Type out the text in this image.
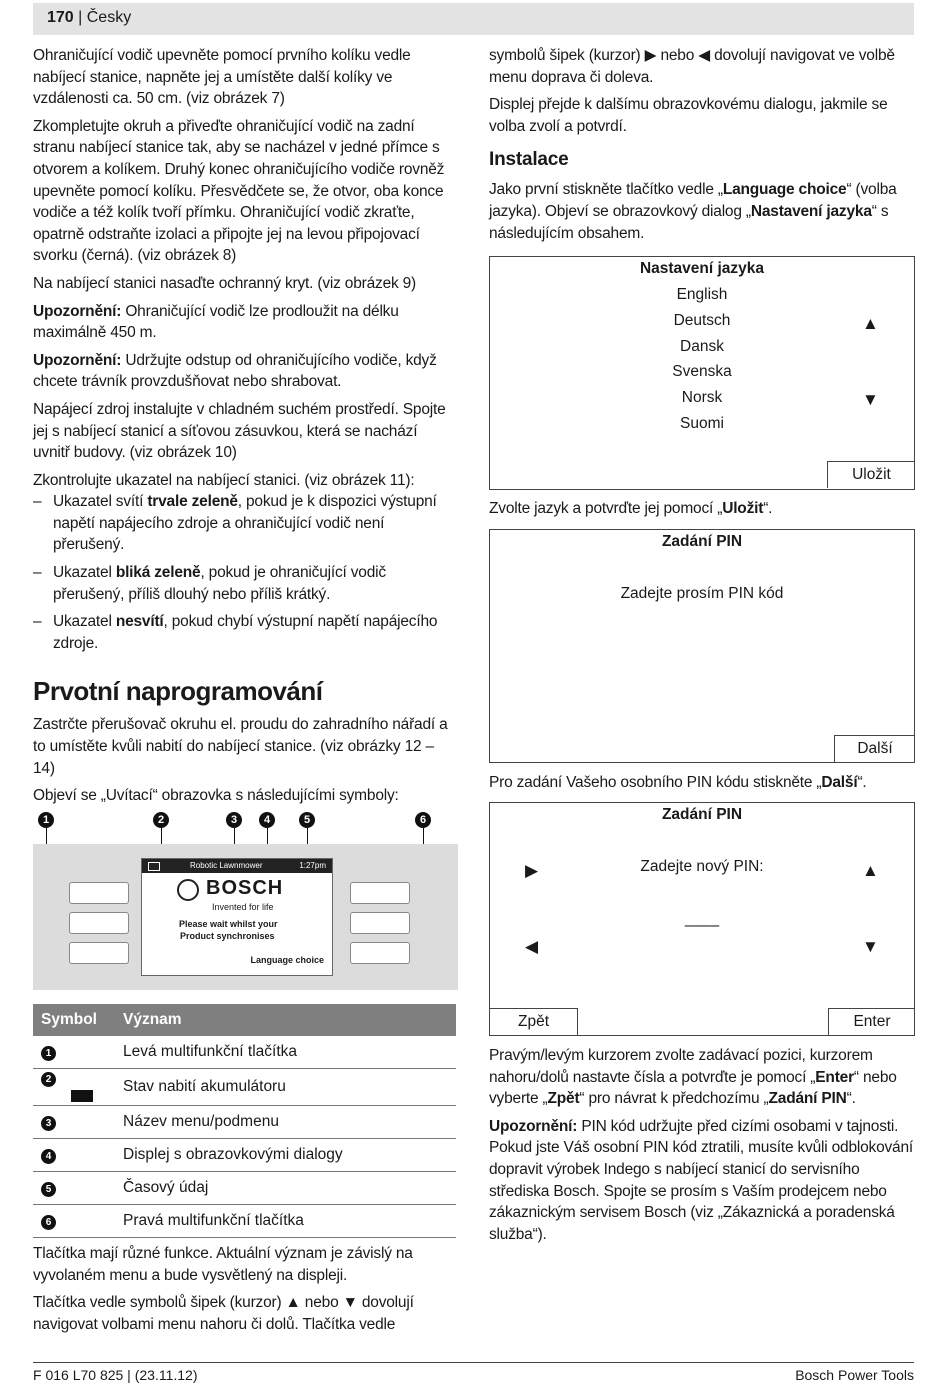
170 | Česky

Ohraničující vodič upevněte pomocí prvního kolíku vedle nabíjecí stanice, napněte jej a umístěte další kolíky ve vzdálenosti ca. 50 cm. (viz obrázek 7)

Zkompletujte okruh a přiveďte ohraničující vodič na zadní stranu nabíjecí stanice tak, aby se nacházel v jedné přímce s otvorem a kolíkem. Druhý konec ohraničujícího vodiče rovněž upevněte pomocí kolíku. Přesvědčete se, že otvor, oba konce vodiče a též kolík tvoří přímku. Ohraničující vodič zkraťte, opatrně odstraňte izolaci a připojte jej na levou připojovací svorku (černá). (viz obrázek 8)

Na nabíjecí stanici nasaďte ochranný kryt. (viz obrázek 9)

Upozornění: Ohraničující vodič lze prodloužit na délku maximálně 450 m.

Upozornění: Udržujte odstup od ohraničujícího vodiče, když chcete trávník provzdušňovat nebo shrabovat.

Napájecí zdroj instalujte v chladném suchém prostředí. Spojte jej s nabíjecí stanicí a síťovou zásuvkou, která se nachází uvnitř budovy. (viz obrázek 10)

Zkontrolujte ukazatel na nabíjecí stanici. (viz obrázek 11):

– Ukazatel svítí trvale zeleně, pokud je k dispozici výstupní napětí napájecího zdroje a ohraničující vodič není přerušený.

– Ukazatel bliká zeleně, pokud je ohraničující vodič přerušený, příliš dlouhý nebo příliš krátký.

– Ukazatel nesvítí, pokud chybí výstupní napětí napájecího zdroje.

Prvotní naprogramování

Zastrčte přerušovač okruhu el. proudu do zahradního nářadí a to umístěte kvůli nabití do nabíjecí stanice. (viz obrázky 12 – 14)

Objeví se „Uvítací“ obrazovka s následujícími symboly:

1	2	3	4	5	6
Robotic Lawnmower	1:27pm
BOSCH
Invented for life
Please wait whilst your
Product synchronises
Language choice
Symbol	Význam
1	Levá multifunkční tlačítka
2	Stav nabití akumulátoru
3	Název menu/podmenu
4	Displej s obrazovkovými dialogy
5	Časový údaj
6	Pravá multifunkční tlačítka

Tlačítka mají různé funkce. Aktuální význam je závislý na vyvolaném menu a bude vysvětlený na displeji.

Tlačítka vedle symbolů šipek (kurzor) ▲ nebo ▼ dovolují navigovat volbami menu nahoru či dolů. Tlačítka vedle

symbolů šipek (kurzor) ▶ nebo ◀ dovolují navigovat ve volbě menu doprava či doleva.

Displej přejde k dalšímu obrazovkovému dialogu, jakmile se volba zvolí a potvrdí.

Instalace

Jako první stiskněte tlačítko vedle „Language choice“ (volba jazyka). Objeví se obrazovkový dialog „Nastavení jazyka“ s následujícím obsahem.

Nastavení jazyka
English
Deutsch
Dansk
Svenska
Norsk
Suomi
▲
▼
Uložit
Zvolte jazyk a potvrďte jej pomocí „Uložit“.
Zadání PIN
Zadejte prosím PIN kód
Další
Pro zadání Vašeho osobního PIN kódu stiskněte „Další“.
Zadání PIN
Zadejte nový PIN:
––––
▶	▲
◀	▼
Zpět	Enter

Pravým/levým kurzorem zvolte zadávací pozici, kurzorem nahoru/dolů nastavte čísla a potvrďte je pomocí „Enter“ nebo vyberte „Zpět“ pro návrat k předchozímu „Zadání PIN“.

Upozornění: PIN kód udržujte před cizími osobami v tajnosti. Pokud jste Váš osobní PIN kód ztratili, musíte kvůli odblokování dopravit výrobek Indego s nabíjecí stanicí do servisního střediska Bosch. Spojte se prosím s Vaším prodejcem nebo zákaznickým servisem Bosch (viz „Zákaznická a poradenská služba“).

F 016 L70 825 | (23.11.12)	Bosch Power Tools
